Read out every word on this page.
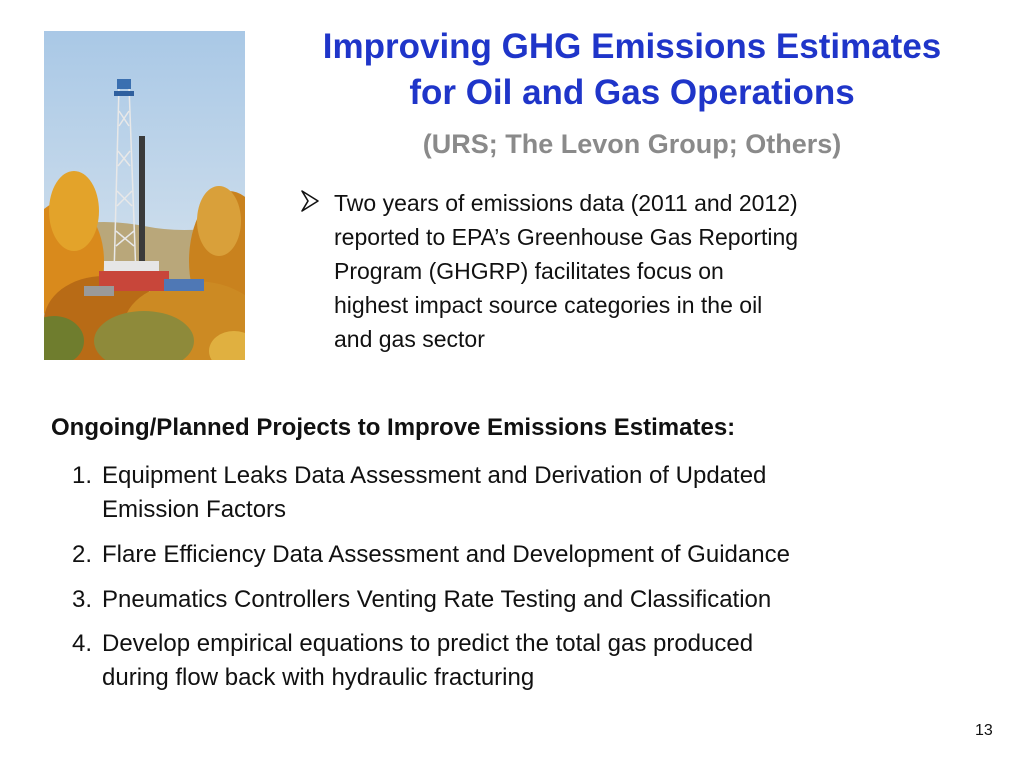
Improving GHG Emissions Estimates
for Oil and Gas Operations

(URS; The Levon Group; Others)

Two years of emissions data (2011 and 2012)
reported to EPA’s Greenhouse Gas Reporting
Program (GHGRP) facilitates focus on
highest impact source categories in the oil
and gas sector
Ongoing/Planned Projects to Improve Emissions Estimates:
1. Equipment Leaks Data Assessment and Derivation of Updated
Emission Factors
2. Flare Efficiency Data Assessment and Development of Guidance
3. Pneumatics Controllers Venting Rate Testing and Classification
4. Develop empirical equations to predict the total gas produced
during flow back with hydraulic fracturing
13
